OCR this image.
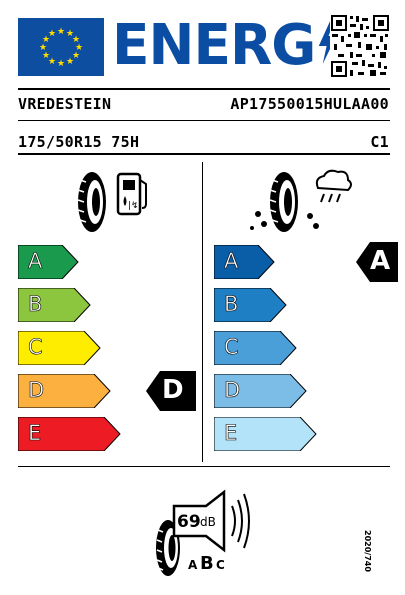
★ ★
★
★
★
★
★
★
★
★
★
★ ENERG
VREDESTEIN	AP17550015HULAA00
175/50R15 75H	C1
|↯
A
B
C
D
E
D
A
B
C
D
E
A
69 dB
A B C	2020/740
